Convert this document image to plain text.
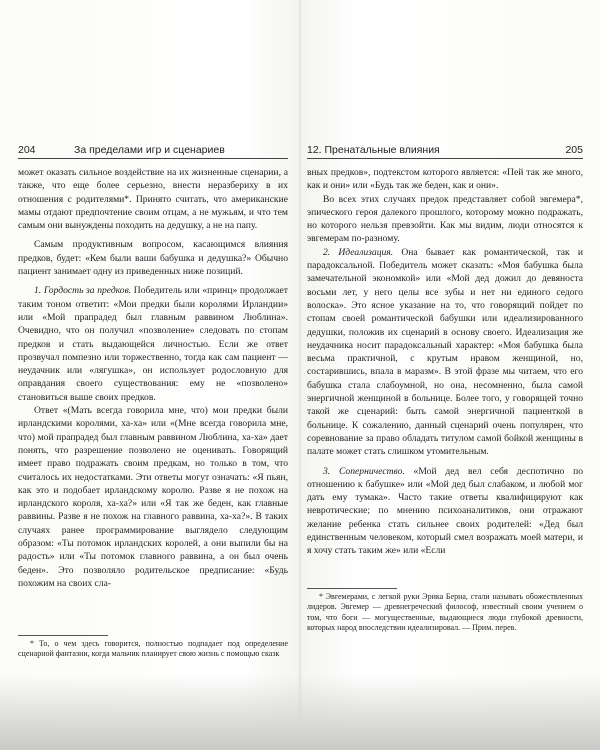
204	За пределами игр и сценариев

может оказать сильное воздействие на их жизненные сценарии, а также, что еще более серьезно, внести неразбериху в их отношения с родителями*. Принято считать, что американские мамы отдают предпочтение своим отцам, а не мужьям, и что тем самым они вынуждены походить на дедушку, а не на папу.

Самым продуктивным вопросом, касающимся влияния предков, будет: «Кем были ваши бабушка и дедушка?» Обычно пациент занимает одну из приведенных ниже позиций.

1. Гордость за предков. Победитель или «принц» продолжает таким тоном ответит: «Мои предки были королями Ирландии» или «Мой прапрадед был главным раввином Люблина». Очевидно, что он получил «позволение» следовать по стопам предков и стать выдающейся личностью. Если же ответ прозвучал помпезно или торжественно, тогда как сам пациент — неудачник или «лягушка», он использует родословную для оправдания своего существования: ему не «позволено» становиться выше своих предков.

Ответ «(Мать всегда говорила мне, что) мои предки были ирландскими королями, ха-ха» или «(Мне всегда говорила мне, что) мой прапрадед был главным раввином Люблина, ха-ха» дает понять, что разрешение позволено не оценивать. Говорящий имеет право подражать своим предкам, но только в том, что считалось их недостатками. Эти ответы могут означать: «Я пьян, как это и подобает ирландскому королю. Разве я не похож на ирландского короля, ха-ха?» или «Я так же беден, как главные раввины. Разве я не похож на главного раввина, ха-ха?». В таких случаях ранее программирование выглядело следующим образом: «Ты потомок ирландских королей, а они выпили бы на радость» или «Ты потомок главного раввина, а он был очень беден». Это позволяло родительское предписание: «Будь похожим на своих сла-

* То, о чем здесь говорится, полностью подпадает под определение сценарной фантазии, когда мальчик планирует свою жизнь с помощью сказк

12. Пренатальные влияния	205

вных предков», подтекстом которого является: «Пей так же много, как и они» или «Будь так же беден, как и они».

Во всех этих случаях предок представляет собой эвгемера*, эпического героя далекого прошлого, которому можно подражать, но которого нельзя превзойти. Как мы видим, люди относятся к эвгемерам по-разному.

2. Идеализация. Она бывает как романтической, так и парадоксальной. Победитель может сказать: «Моя бабушка была замечательной экономкой» или «Мой дед дожил до девяноста восьми лет, у него целы все зубы и нет ни единого седого волоска». Это ясное указание на то, что говорящий пойдет по стопам своей романтической бабушки или идеализированного дедушки, положив их сценарий в основу своего. Идеализация же неудачника носит парадоксальный характер: «Моя бабушка была весьма практичной, с крутым нравом женщиной, но, состарившись, впала в маразм». В этой фразе мы читаем, что его бабушка стала слабоумной, но она, несомненно, была самой энергичной женщиной в больнице. Более того, у говорящей точно такой же сценарий: быть самой энергичной пациенткой в больнице. К сожалению, данный сценарий очень популярен, что соревнование за право обладать титулом самой бойкой женщины в палате может стать слишком утомительным.

3. Соперничество. «Мой дед вел себя деспотично по отношению к бабушке» или «Мой дед был слабаком, и любой мог дать ему тумака». Часто такие ответы квалифицируют как невротические; по мнению психоаналитиков, они отражают желание ребенка стать сильнее своих родителей: «Дед был единственным человеком, который смел возражать моей матери, и я хочу стать таким же» или «Если

* Эвгемерами, с легкой руки Эрика Берна, стали называть обожествленных лидеров. Эвгемер — древнегреческий философ, известный своим учением о том, что боги — могущественные, выдающиеся люди глубокой древности, которых народ впоследствии идеализировал. — Прим. перев.
